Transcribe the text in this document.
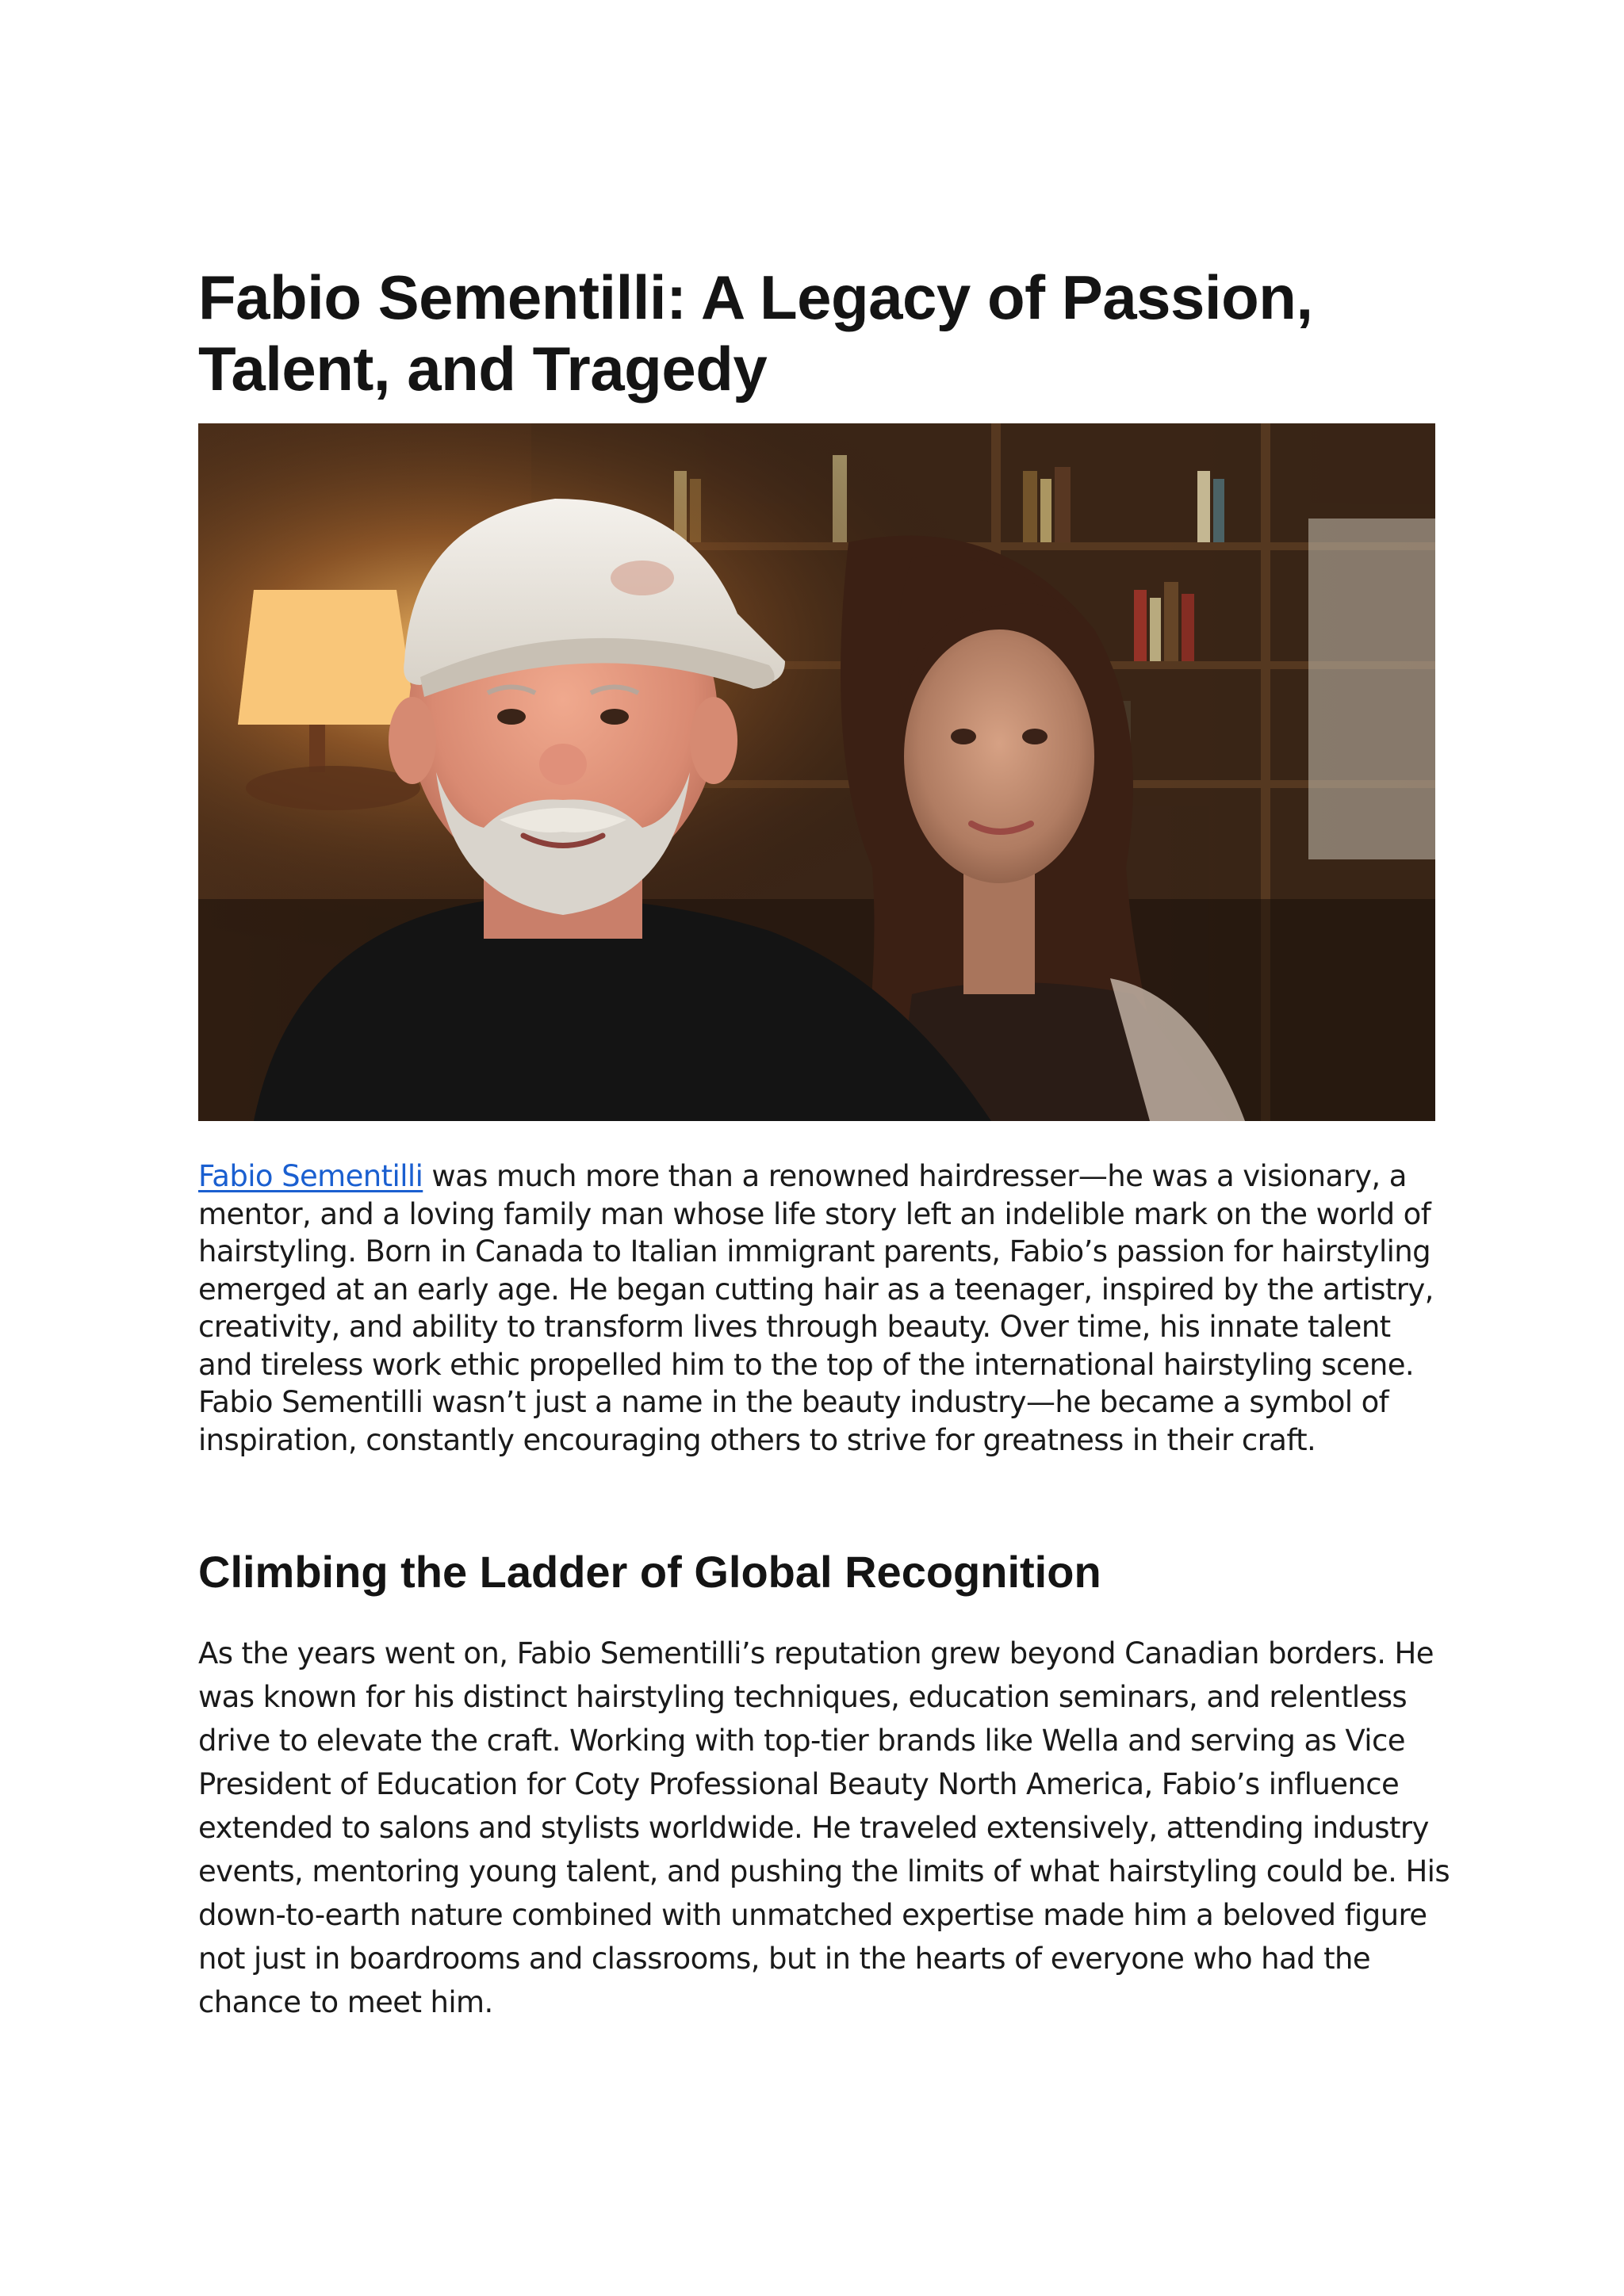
Fabio Sementilli: A Legacy of Passion, Talent, and Tragedy

Fabio Sementilli was much more than a renowned hairdresser—he was a visionary, a mentor, and a loving family man whose life story left an indelible mark on the world of hairstyling. Born in Canada to Italian immigrant parents, Fabio’s passion for hairstyling emerged at an early age. He began cutting hair as a teenager, inspired by the artistry, creativity, and ability to transform lives through beauty. Over time, his innate talent and tireless work ethic propelled him to the top of the international hairstyling scene. Fabio Sementilli wasn’t just a name in the beauty industry—he became a symbol of inspiration, constantly encouraging others to strive for greatness in their craft.

Climbing the Ladder of Global Recognition

As the years went on, Fabio Sementilli’s reputation grew beyond Canadian borders. He was known for his distinct hairstyling techniques, education seminars, and relentless drive to elevate the craft. Working with top-tier brands like Wella and serving as Vice President of Education for Coty Professional Beauty North America, Fabio’s influence extended to salons and stylists worldwide. He traveled extensively, attending industry events, mentoring young talent, and pushing the limits of what hairstyling could be. His down-to-earth nature combined with unmatched expertise made him a beloved figure not just in boardrooms and classrooms, but in the hearts of everyone who had the chance to meet him.
